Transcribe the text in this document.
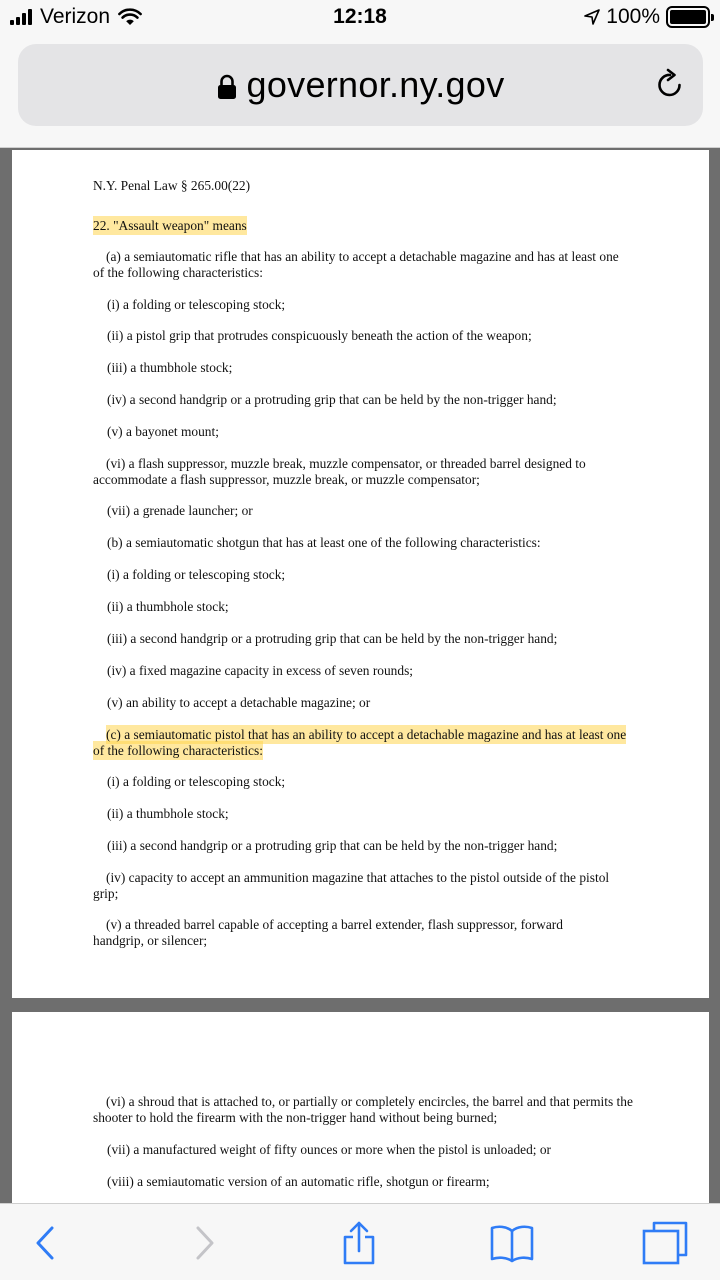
Verizon	12:18	100%
governor.ny.gov
N.Y. Penal Law § 265.00(22)
22. "Assault weapon" means
(a) a semiautomatic rifle that has an ability to accept a detachable magazine and has at least one of the following characteristics:
(i) a folding or telescoping stock;
(ii) a pistol grip that protrudes conspicuously beneath the action of the weapon;
(iii) a thumbhole stock;
(iv) a second handgrip or a protruding grip that can be held by the non-trigger hand;
(v) a bayonet mount;
(vi) a flash suppressor, muzzle break, muzzle compensator, or threaded barrel designed to accommodate a flash suppressor, muzzle break, or muzzle compensator;
(vii) a grenade launcher; or
(b) a semiautomatic shotgun that has at least one of the following characteristics:
(i) a folding or telescoping stock;
(ii) a thumbhole stock;
(iii) a second handgrip or a protruding grip that can be held by the non-trigger hand;
(iv) a fixed magazine capacity in excess of seven rounds;
(v) an ability to accept a detachable magazine; or
(c) a semiautomatic pistol that has an ability to accept a detachable magazine and has at least one of the following characteristics:
(i) a folding or telescoping stock;
(ii) a thumbhole stock;
(iii) a second handgrip or a protruding grip that can be held by the non-trigger hand;
(iv) capacity to accept an ammunition magazine that attaches to the pistol outside of the pistol grip;
(v) a threaded barrel capable of accepting a barrel extender, flash suppressor, forward handgrip, or silencer;
(vi) a shroud that is attached to, or partially or completely encircles, the barrel and that permits the shooter to hold the firearm with the non-trigger hand without being burned;
(vii) a manufactured weight of fifty ounces or more when the pistol is unloaded; or
(viii) a semiautomatic version of an automatic rifle, shotgun or firearm;
